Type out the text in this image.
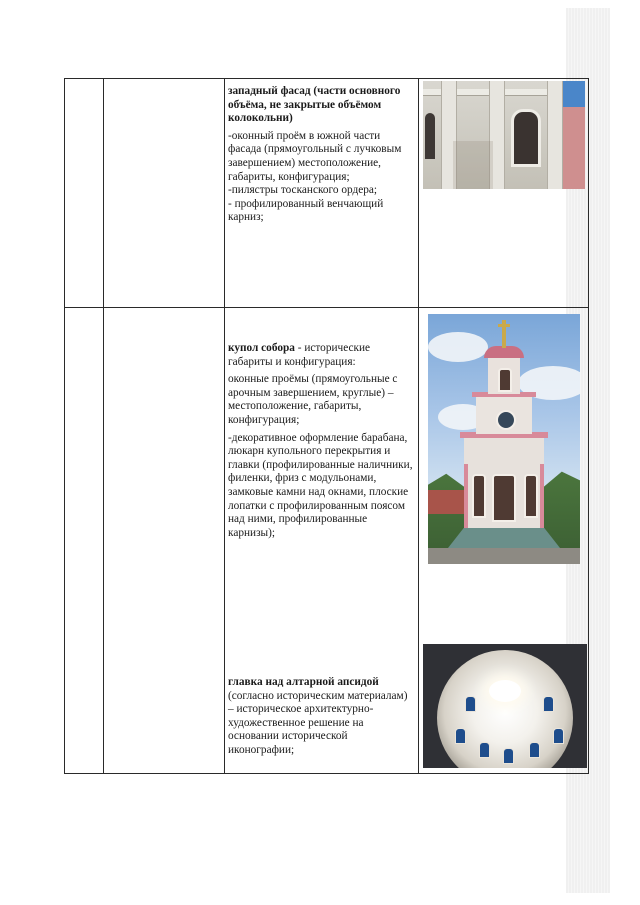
		западный фасад (части основного объёма, не закрытые объёмом колокольни)

-оконный проём в южной части фасада (прямоугольный с лучковым завершением) местоположение, габариты, конфигурация;
-пилястры тосканского ордера;
- профилированный венчающий карниз;	

		купол собора - исторические габариты и конфигурация:

оконные проёмы (прямоугольные с арочным завершением, круглые) – местоположение, габариты, конфигурация;

-декоративное оформление барабана, люкарн купольного перекрытия и главки (профилированные наличники, филенки, фриз с модульонами, замковые камни над окнами, плоские лопатки с профилированным поясом над ними, профилированные карнизы);

главка над алтарной апсидой (согласно историческим материалам) – историческое архитектурно-художественное решение на основании исторической иконографии;	
